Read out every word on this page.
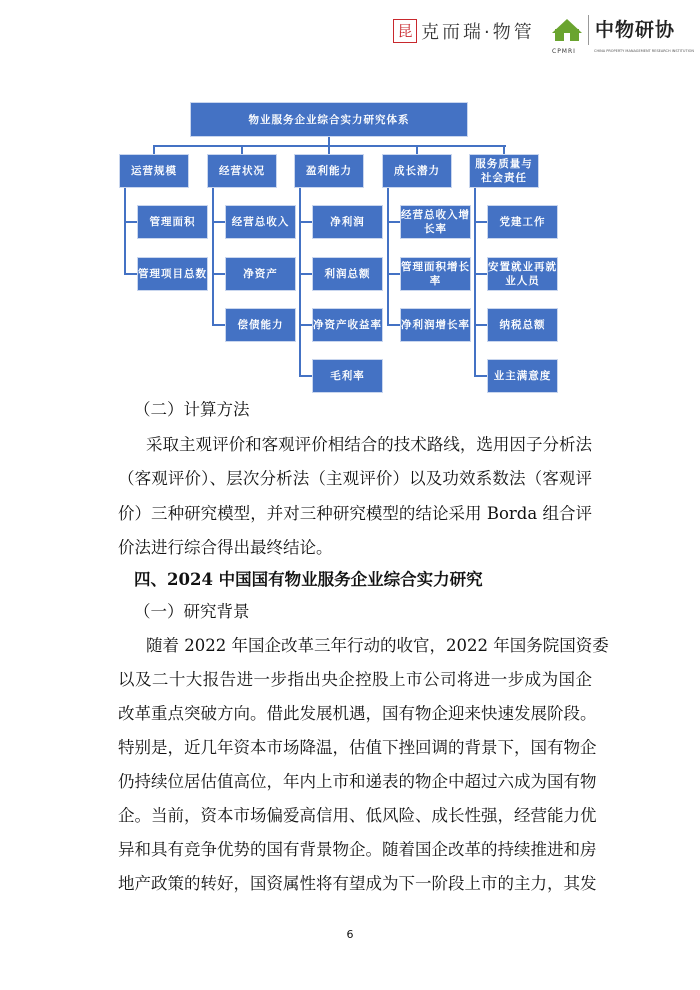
昆 克而瑞·物管	中物研协
CPMRI	CHINA PROPERTY MANAGEMENT RESEARCH INSTITUTION
物业服务企业综合实力研究体系
运营规模
管理面积
管理项目总数
经营状况
经营总收入
净资产
偿债能力
盈利能力
净利润
利润总额
净资产收益率
毛利率
成长潜力
经营总收入增长率
管理面积增长率
净利润增长率
服务质量与社会责任
党建工作
安置就业再就业人员
纳税总额
业主满意度
（二）计算方法
采取主观评价和客观评价相结合的技术路线，选用因子分析法
（客观评价）、层次分析法（主观评价）以及功效系数法（客观评
价）三种研究模型，并对三种研究模型的结论采用 Borda 组合评
价法进行综合得出最终结论。
四、2024 中国国有物业服务企业综合实力研究
（一）研究背景
随着 2022 年国企改革三年行动的收官，2022 年国务院国资委
以及二十大报告进一步指出央企控股上市公司将进一步成为国企
改革重点突破方向。借此发展机遇，国有物企迎来快速发展阶段。
特别是，近几年资本市场降温，估值下挫回调的背景下，国有物企
仍持续位居估值高位，年内上市和递表的物企中超过六成为国有物
企。当前，资本市场偏爱高信用、低风险、成长性强，经营能力优
异和具有竞争优势的国有背景物企。随着国企改革的持续推进和房
地产政策的转好，国资属性将有望成为下一阶段上市的主力，其发
6
